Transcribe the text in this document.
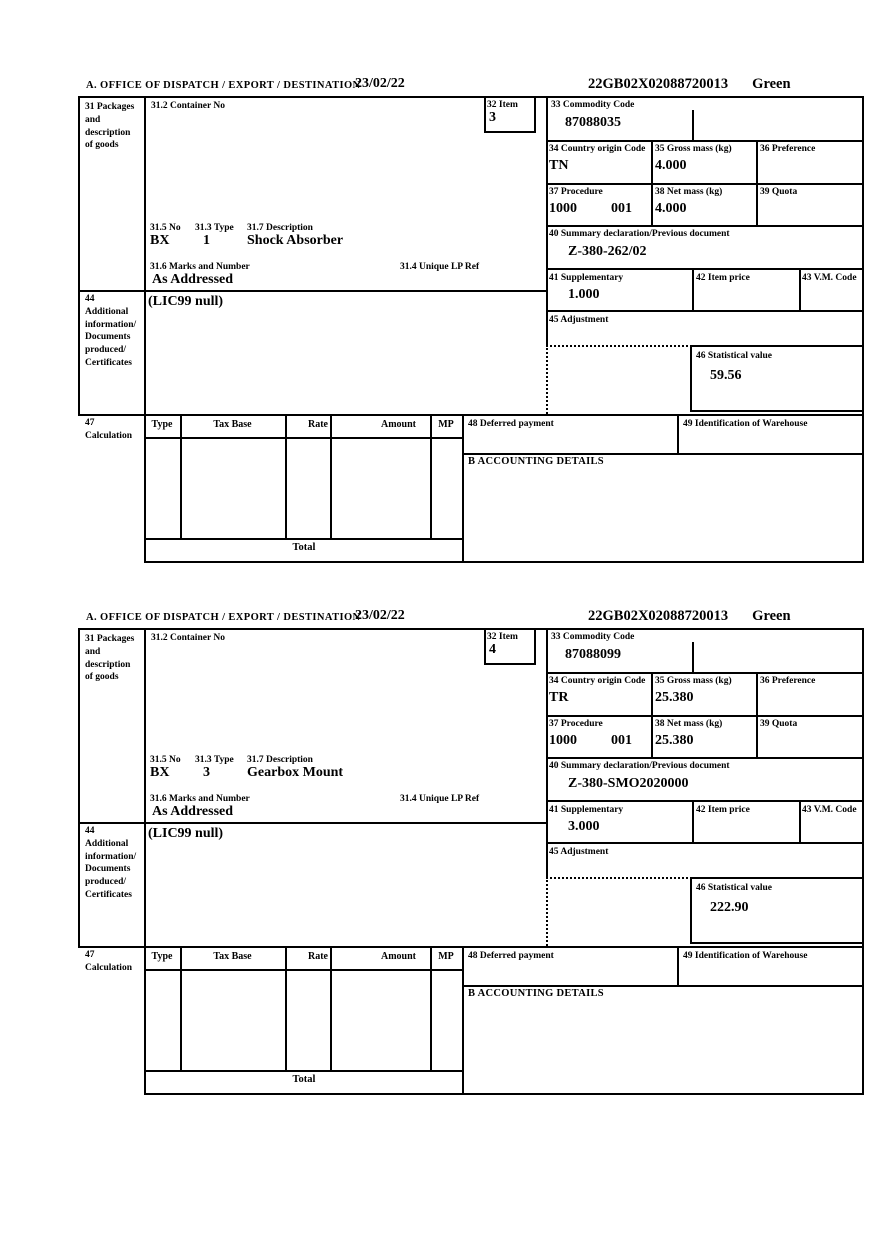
A. OFFICE OF DISPATCH / EXPORT / DESTINATION
23/02/22	22GB02X02088720013 Green
31 Packages
and
description
of goods
31.2 Container No	32 Item
3
33 Commodity Code
87088035
34 Country origin Code
TN
35 Gross mass (kg)
4.000
36 Preference
37 Procedure
1000 001
38 Net mass (kg)
4.000
39 Quota
40 Summary declaration/Previous document
Z-380-262/02
41 Supplementary
1.000
42 Item price	43 V.M. Code
45 Adjustment
46 Statistical value
59.56
31.5 No 31.3 Type 31.7 Description
BX 1	Shock Absorber
31.6 Marks and Number	31.4 Unique LP Ref
As Addressed
44
Additional
information/
Documents
produced/
Certificates
(LIC99 null)
47
Calculation
Type	Tax Base	Rate	Amount	MP
Total
48 Deferred payment	49 Identification of Warehouse
B ACCOUNTING DETAILS
A. OFFICE OF DISPATCH / EXPORT / DESTINATION
23/02/22	22GB02X02088720013 Green
31 Packages
and
description
of goods
31.2 Container No	32 Item
4
33 Commodity Code
87088099
34 Country origin Code
TR
35 Gross mass (kg)
25.380
36 Preference
37 Procedure
1000 001
38 Net mass (kg)
25.380
39 Quota
40 Summary declaration/Previous document
Z-380-SMO2020000
41 Supplementary
3.000
42 Item price	43 V.M. Code
45 Adjustment
46 Statistical value
222.90
31.5 No 31.3 Type 31.7 Description
BX 3	Gearbox Mount
31.6 Marks and Number	31.4 Unique LP Ref
As Addressed
44
Additional
information/
Documents
produced/
Certificates
(LIC99 null)
47
Calculation
Type	Tax Base	Rate	Amount	MP
Total
48 Deferred payment	49 Identification of Warehouse
B ACCOUNTING DETAILS
